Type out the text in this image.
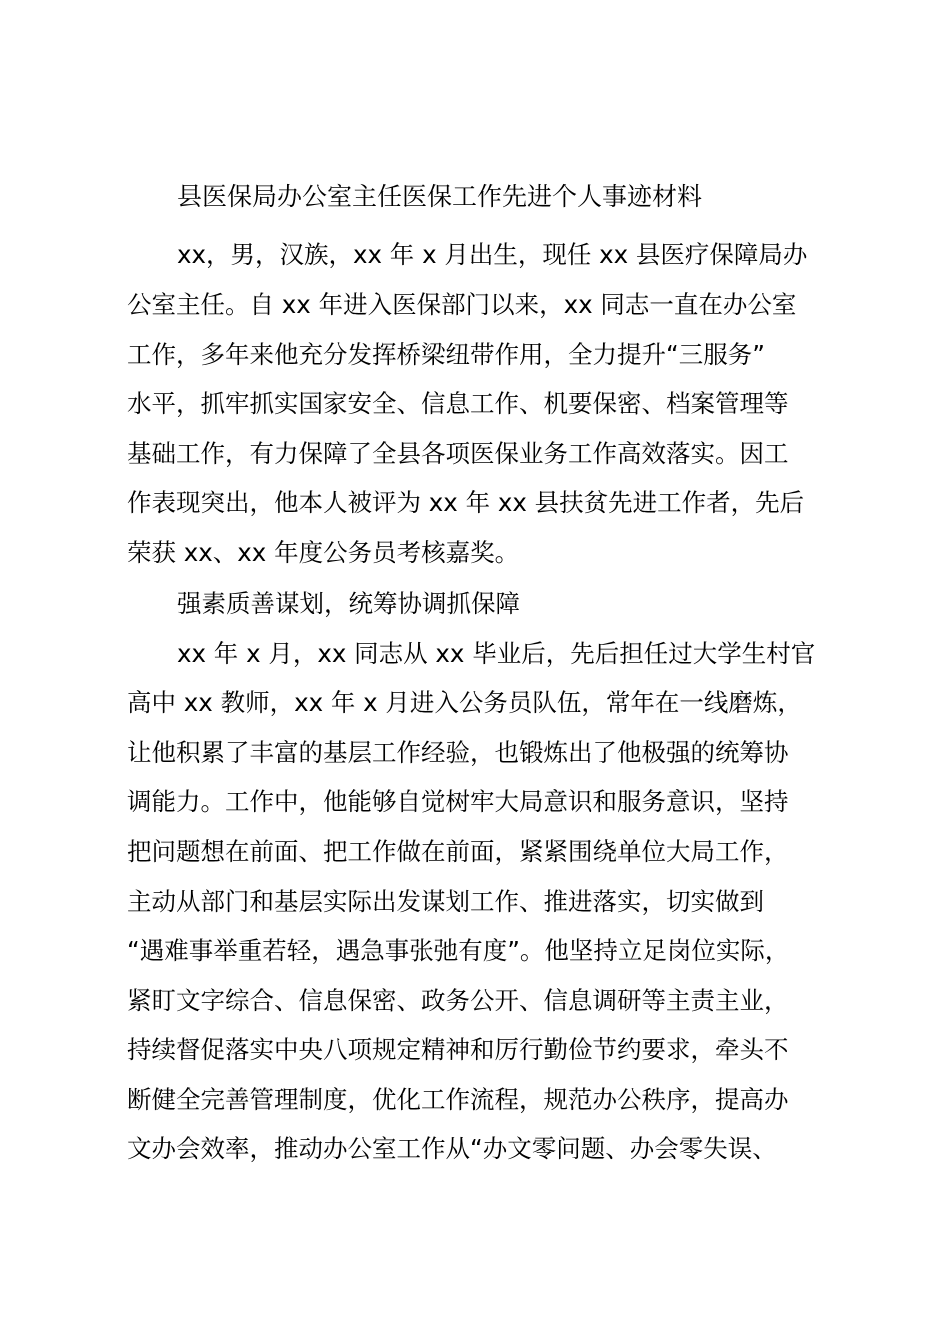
县医保局办公室主任医保工作先进个人事迹材料
xx，男，汉族，xx 年 x 月出生，现任 xx 县医疗保障局办
公室主任。自 xx 年进入医保部门以来，xx 同志一直在办公室
工作，多年来他充分发挥桥梁纽带作用，全力提升“三服务”
水平，抓牢抓实国家安全、信息工作、机要保密、档案管理等
基础工作，有力保障了全县各项医保业务工作高效落实。因工
作表现突出，他本人被评为 xx 年 xx 县扶贫先进工作者，先后
荣获 xx、xx 年度公务员考核嘉奖。
强素质善谋划，统筹协调抓保障
xx 年 x 月，xx 同志从 xx 毕业后，先后担任过大学生村官
高中 xx 教师，xx 年 x 月进入公务员队伍，常年在一线磨炼，
让他积累了丰富的基层工作经验，也锻炼出了他极强的统筹协
调能力。工作中，他能够自觉树牢大局意识和服务意识，坚持
把问题想在前面、把工作做在前面，紧紧围绕单位大局工作，
主动从部门和基层实际出发谋划工作、推进落实，切实做到
“遇难事举重若轻，遇急事张弛有度”。他坚持立足岗位实际，
紧盯文字综合、信息保密、政务公开、信息调研等主责主业，
持续督促落实中央八项规定精神和厉行勤俭节约要求，牵头不
断健全完善管理制度，优化工作流程，规范办公秩序，提高办
文办会效率，推动办公室工作从“办文零问题、办会零失误、
